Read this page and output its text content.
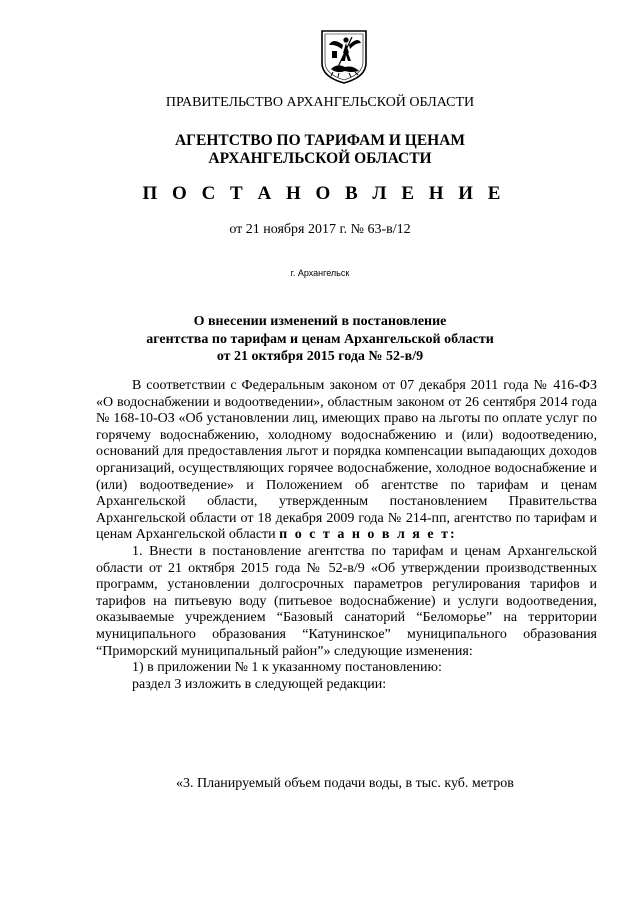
ПРАВИТЕЛЬСТВО АРХАНГЕЛЬСКОЙ ОБЛАСТИ
АГЕНТСТВО ПО ТАРИФАМ И ЦЕНАМ
АРХАНГЕЛЬСКОЙ ОБЛАСТИ
П О С Т А Н О В Л Е Н И Е
от 21 ноября 2017 г. № 63-в/12
г. Архангельск
О внесении изменений в постановление
агентства по тарифам и ценам Архангельской области
от 21 октября 2015 года № 52-в/9

В соответствии с Федеральным законом от 07 декабря 2011 года № 416-ФЗ «О водоснабжении и водоотведении», областным законом от 26 сентября 2014 года № 168-10-ОЗ «Об установлении лиц, имеющих право на льготы по оплате услуг по горячему водоснабжению, холодному водоснабжению и (или) водоотведению, оснований для предоставления льгот и порядка компенсации выпадающих доходов организаций, осуществляющих горячее водоснабжение, холодное водоснабжение и (или) водоотведение» и Положением об агентстве по тарифам и ценам Архангельской области, утвержденным постановлением Правительства Архангельской области от 18 декабря 2009 года № 214-пп, агентство по тарифам и ценам Архангельской области п о с т а н о в л я е т:

1. Внести в постановление агентства по тарифам и ценам Архангельской области от 21 октября 2015 года № 52-в/9 «Об утверждении производственных программ, установлении долгосрочных параметров регулирования тарифов и тарифов на питьевую воду (питьевое водоснабжение) и услуги водоотведения, оказываемые учреждением “Базовый санаторий “Беломорье” на территории муниципального образования “Катунинское” муниципального образования “Приморский муниципальный район”» следующие изменения:

1) в приложении № 1 к указанному постановлению:

раздел 3 изложить в следующей редакции:

«3. Планируемый объем подачи воды, в тыс. куб. метров
